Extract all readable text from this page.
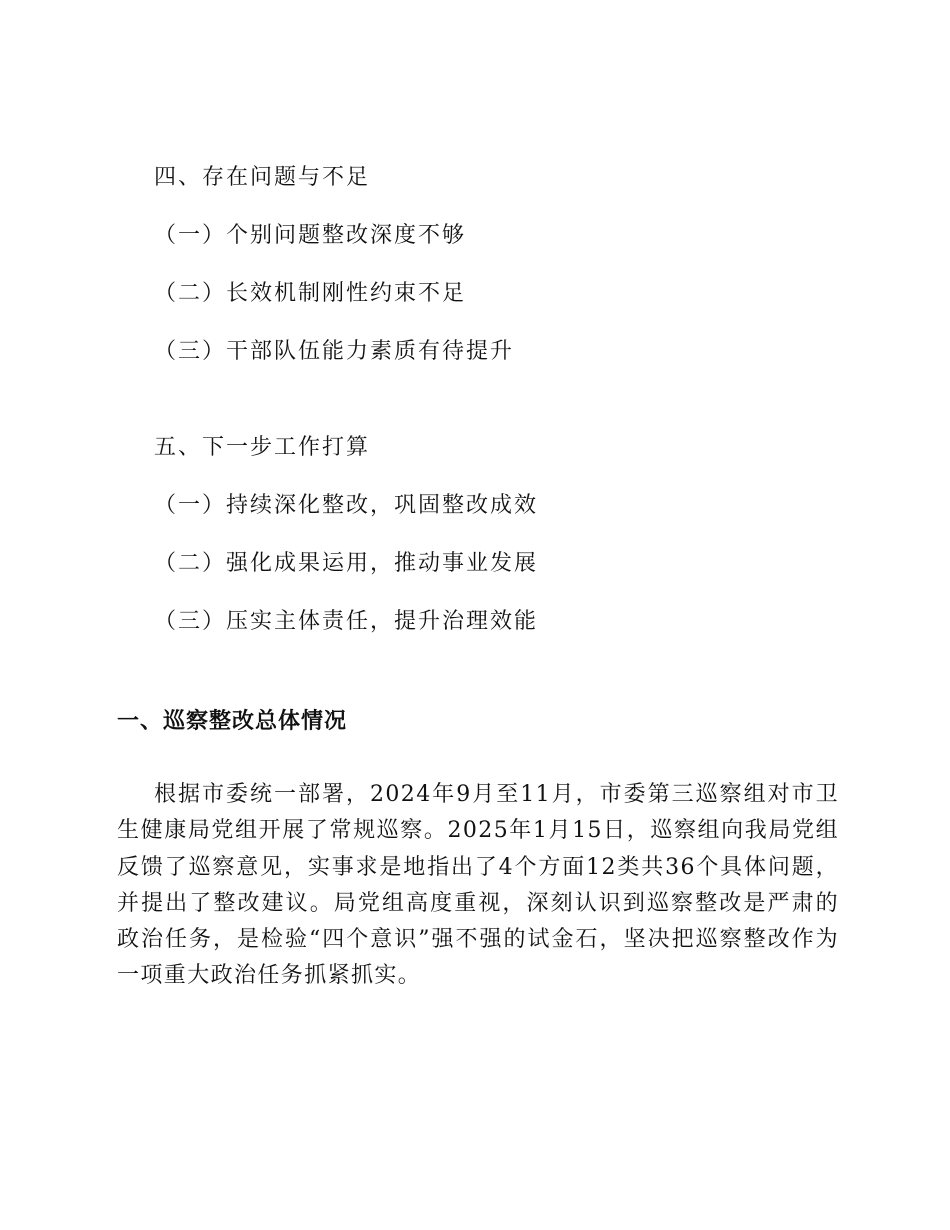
四、存在问题与不足
（一）个别问题整改深度不够
（二）长效机制刚性约束不足
（三）干部队伍能力素质有待提升
五、下一步工作打算
（一）持续深化整改，巩固整改成效
（二）强化成果运用，推动事业发展
（三）压实主体责任，提升治理效能
一、巡察整改总体情况

根据市委统一部署，2024年9月至11月，市委第三巡察组对市卫生健康局党组开展了常规巡察。2025年1月15日，巡察组向我局党组反馈了巡察意见，实事求是地指出了4个方面12类共36个具体问题，并提出了整改建议。局党组高度重视，深刻认识到巡察整改是严肃的政治任务，是检验“四个意识”强不强的试金石，坚决把巡察整改作为一项重大政治任务抓紧抓实。
